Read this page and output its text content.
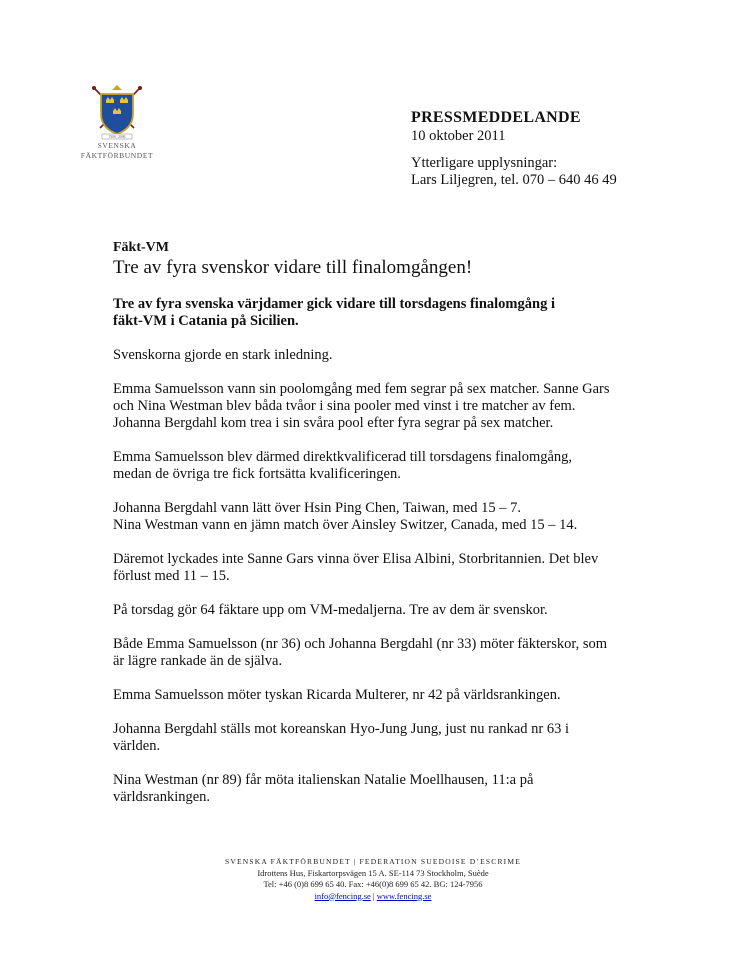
1906 | 2006
SVENSKA
FÄKTFÖRBUNDET
PRESSMEDDELANDE
10 oktober 2011
Ytterligare upplysningar:
Lars Liljegren, tel. 070 – 640 46 49
Fäkt-VM
Tre av fyra svenskor vidare till finalomgången!
Tre av fyra svenska värjdamer gick vidare till torsdagens finalomgång i
fäkt-VM i Catania på Sicilien.
Svenskorna gjorde en stark inledning.
Emma Samuelsson vann sin poolomgång med fem segrar på sex matcher. Sanne Gars
och Nina Westman blev båda tvåor i sina pooler med vinst i tre matcher av fem.
Johanna Bergdahl kom trea i sin svåra pool efter fyra segrar på sex matcher.
Emma Samuelsson blev därmed direktkvalificerad till torsdagens finalomgång,
medan de övriga tre fick fortsätta kvalificeringen.
Johanna Bergdahl vann lätt över Hsin Ping Chen, Taiwan, med 15 – 7.
Nina Westman vann en jämn match över Ainsley Switzer, Canada, med 15 – 14.
Däremot lyckades inte Sanne Gars vinna över Elisa Albini, Storbritannien. Det blev
förlust med 11 – 15.
På torsdag gör 64 fäktare upp om VM-medaljerna. Tre av dem är svenskor.
Både Emma Samuelsson (nr 36) och Johanna Bergdahl (nr 33) möter fäkterskor, som
är lägre rankade än de själva.
Emma Samuelsson möter tyskan Ricarda Multerer, nr 42 på världsrankingen.
Johanna Bergdahl ställs mot koreanskan Hyo-Jung Jung, just nu rankad nr 63 i
världen.
Nina Westman (nr 89) får möta italienskan Natalie Moellhausen, 11:a på
världsrankingen.
SVENSKA FÄKTFÖRBUNDET | FEDERATION SUEDOISE D’ESCRIME
Idrottens Hus, Fiskartorpsvägen 15 A. SE-114 73 Stockholm, Suède
Tel: +46 (0)8 699 65 40. Fax: +46(0)8 699 65 42. BG: 124-7956
info@fencing.se | www.fencing.se
